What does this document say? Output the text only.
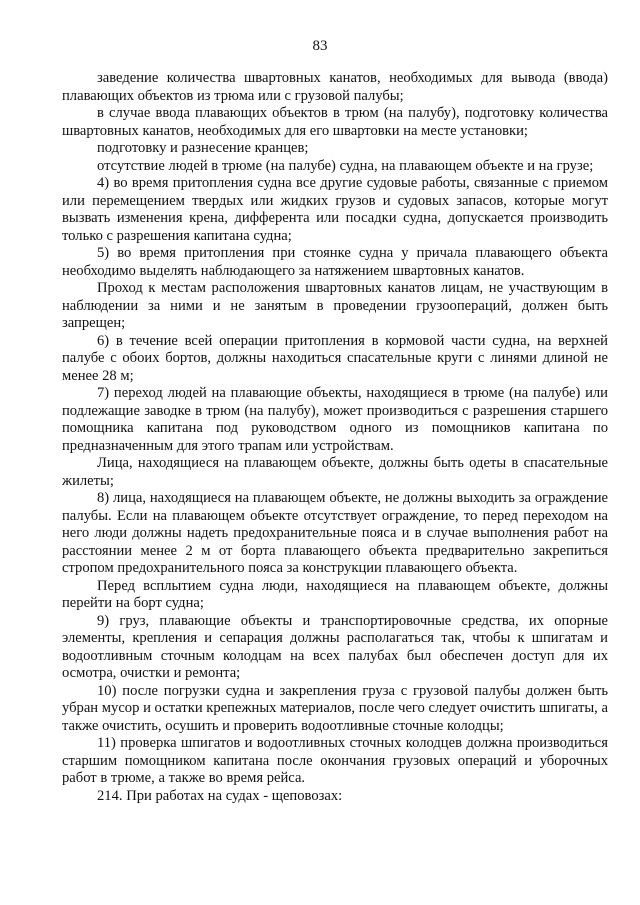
83

заведение количества швартовных канатов, необходимых для вывода (ввода) плавающих объектов из трюма или с грузовой палубы;

в случае ввода плавающих объектов в трюм (на палубу), подготовку количества швартовных канатов, необходимых для его швартовки на месте установки;

подготовку и разнесение кранцев;

отсутствие людей в трюме (на палубе) судна, на плавающем объекте и на грузе;

4) во время притопления судна все другие судовые работы, связанные с приемом или перемещением твердых или жидких грузов и судовых запасов, которые могут вызвать изменения крена, дифферента или посадки судна, допускается производить только с разрешения капитана судна;

5) во время притопления при стоянке судна у причала плавающего объекта необходимо выделять наблюдающего за натяжением швартовных канатов.

Проход к местам расположения швартовных канатов лицам, не участвующим в наблюдении за ними и не занятым в проведении грузоопераций, должен быть запрещен;

6) в течение всей операции притопления в кормовой части судна, на верхней палубе с обоих бортов, должны находиться спасательные круги с линями длиной не менее 28 м;

7) переход людей на плавающие объекты, находящиеся в трюме (на палубе) или подлежащие заводке в трюм (на палубу), может производиться с разрешения старшего помощника капитана под руководством одного из помощников капитана по предназначенным для этого трапам или устройствам.

Лица, находящиеся на плавающем объекте, должны быть одеты в спасательные жилеты;

8) лица, находящиеся на плавающем объекте, не должны выходить за ограждение палубы. Если на плавающем объекте отсутствует ограждение, то перед переходом на него люди должны надеть предохранительные пояса и в случае выполнения работ на расстоянии менее 2 м от борта плавающего объекта предварительно закрепиться стропом предохранительного пояса за конструкции плавающего объекта.

Перед всплытием судна люди, находящиеся на плавающем объекте, должны перейти на борт судна;

9) груз, плавающие объекты и транспортировочные средства, их опорные элементы, крепления и сепарация должны располагаться так, чтобы к шпигатам и водоотливным сточным колодцам на всех палубах был обеспечен доступ для их осмотра, очистки и ремонта;

10) после погрузки судна и закрепления груза с грузовой палубы должен быть убран мусор и остатки крепежных материалов, после чего следует очистить шпигаты, а также очистить, осушить и проверить водоотливные сточные колодцы;

11) проверка шпигатов и водоотливных сточных колодцев должна производиться старшим помощником капитана после окончания грузовых операций и уборочных работ в трюме, а также во время рейса.

214. При работах на судах - щеповозах:
